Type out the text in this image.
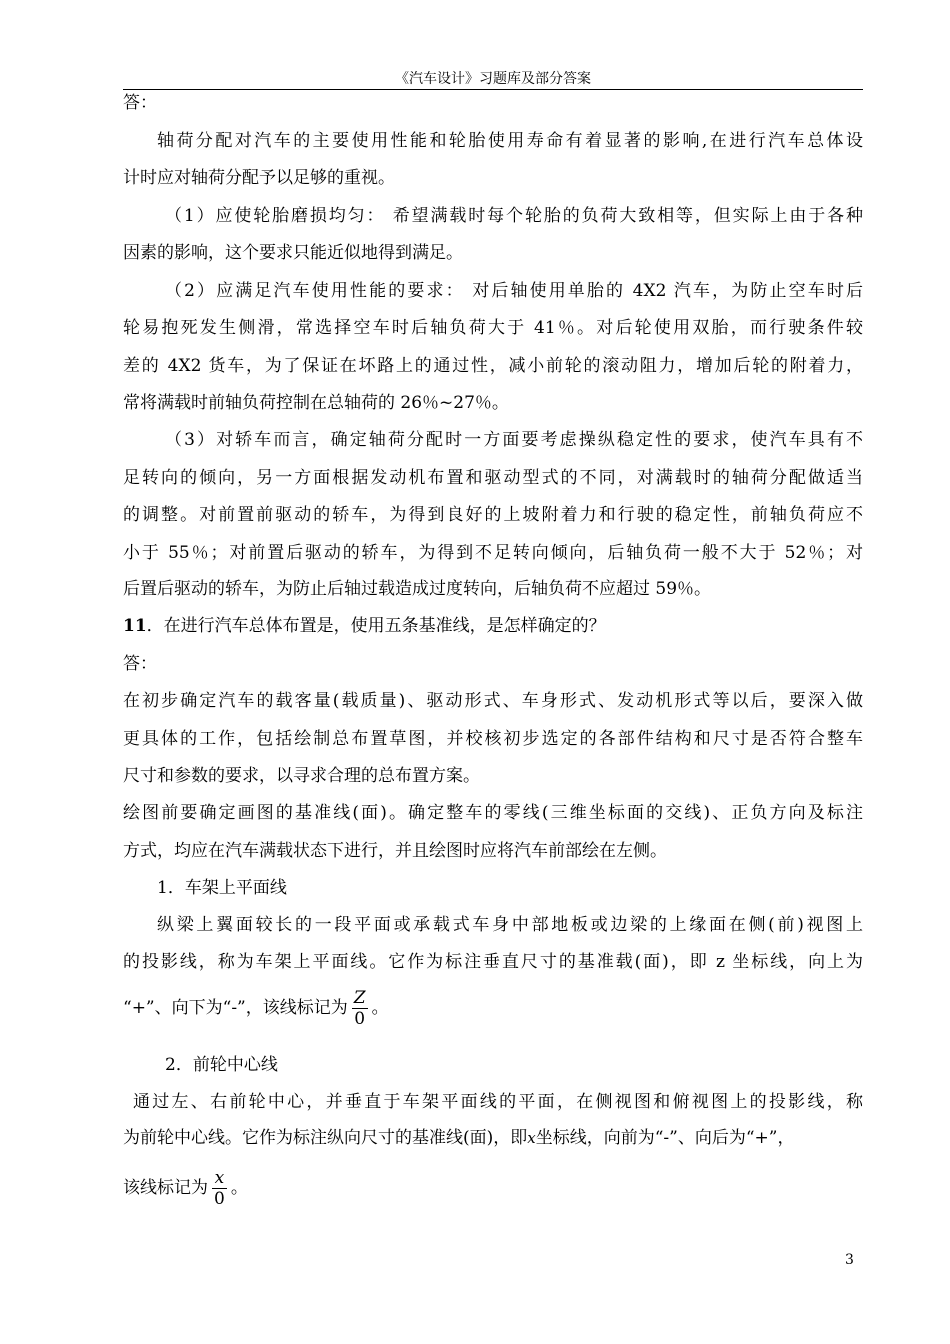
《汽车设计》习题库及部分答案
答：
轴荷分配对汽车的主要使用性能和轮胎使用寿命有着显著的影响,在进行汽车总体设
计时应对轴荷分配予以足够的重视。
（1）应使轮胎磨损均匀： 希望满载时每个轮胎的负荷大致相等，但实际上由于各种
因素的影响，这个要求只能近似地得到满足。
（2）应满足汽车使用性能的要求： 对后轴使用单胎的 4X2 汽车，为防止空车时后
轮易抱死发生侧滑，常选择空车时后轴负荷大于 41％。对后轮使用双胎，而行驶条件较
差的 4X2 货车，为了保证在坏路上的通过性，减小前轮的滚动阻力，增加后轮的附着力，
常将满载时前轴负荷控制在总轴荷的 26％~27％。
（3）对轿车而言，确定轴荷分配时一方面要考虑操纵稳定性的要求，使汽车具有不
足转向的倾向，另一方面根据发动机布置和驱动型式的不同，对满载时的轴荷分配做适当
的调整。对前置前驱动的轿车，为得到良好的上坡附着力和行驶的稳定性，前轴负荷应不
小于 55％；对前置后驱动的轿车，为得到不足转向倾向，后轴负荷一般不大于 52％；对
后置后驱动的轿车，为防止后轴过载造成过度转向，后轴负荷不应超过 59％。
11．在进行汽车总体布置是，使用五条基准线，是怎样确定的？
答：
在初步确定汽车的载客量(载质量)、驱动形式、车身形式、发动机形式等以后，要深入做
更具体的工作，包括绘制总布置草图，并校核初步选定的各部件结构和尺寸是否符合整车
尺寸和参数的要求，以寻求合理的总布置方案。
绘图前要确定画图的基准线(面)。确定整车的零线(三维坐标面的交线)、正负方向及标注
方式，均应在汽车满载状态下进行，并且绘图时应将汽车前部绘在左侧。
1．车架上平面线
纵梁上翼面较长的一段平面或承载式车身中部地板或边梁的上缘面在侧(前)视图上
的投影线，称为车架上平面线。它作为标注垂直尺寸的基准载(面)，即 z 坐标线，向上为
“+”、向下为“-”，该线标记为 $\frac{Z}{0}$ 。
2．前轮中心线
通过左、右前轮中心，并垂直于车架平面线的平面，在侧视图和俯视图上的投影线，称
为前轮中心线。它作为标注纵向尺寸的基准线(面)，即x坐标线，向前为“-”、向后为“+”，
该线标记为 $\frac{x}{0}$ 。
3
